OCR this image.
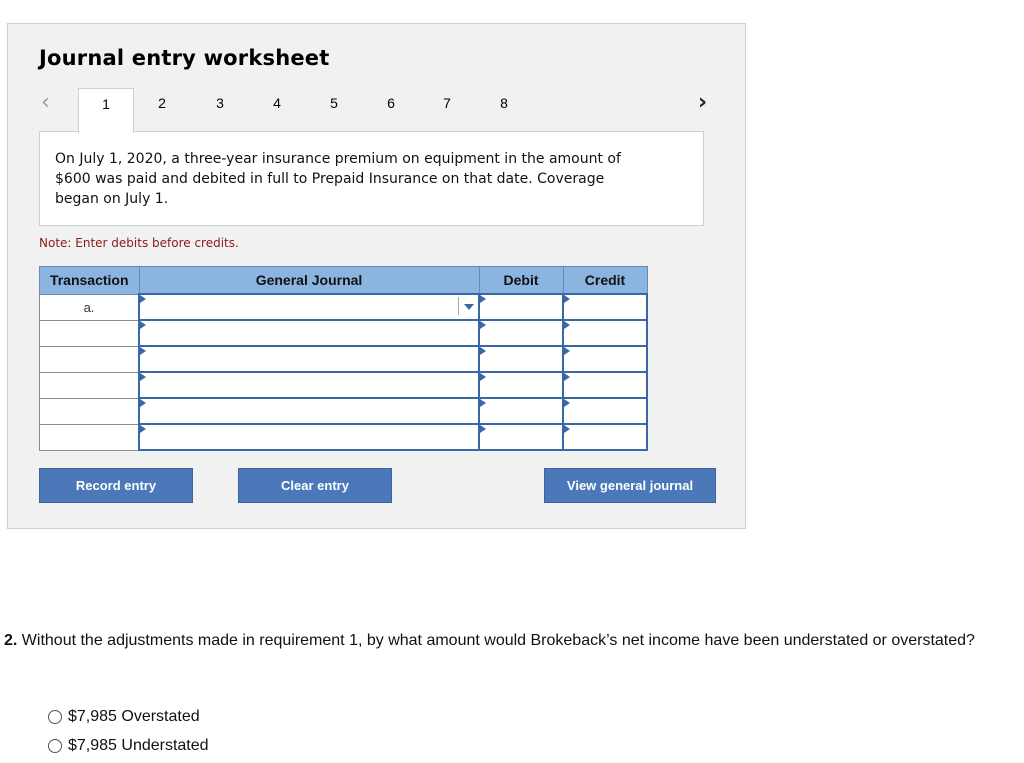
Journal entry worksheet
‹	›
1	2	3	4	5	6	7	8
On July 1, 2020, a three-year insurance premium on equipment in the amount of $600 was paid and debited in full to Prepaid Insurance on that date. Coverage began on July 1.
Note: Enter debits before credits.
Transaction	General Journal	Debit	Credit
a.	

Record entry	Clear entry	View general journal
2. Without the adjustments made in requirement 1, by what amount would Brokeback’s net income have been understated or overstated?
$7,985 Overstated
$7,985 Understated
